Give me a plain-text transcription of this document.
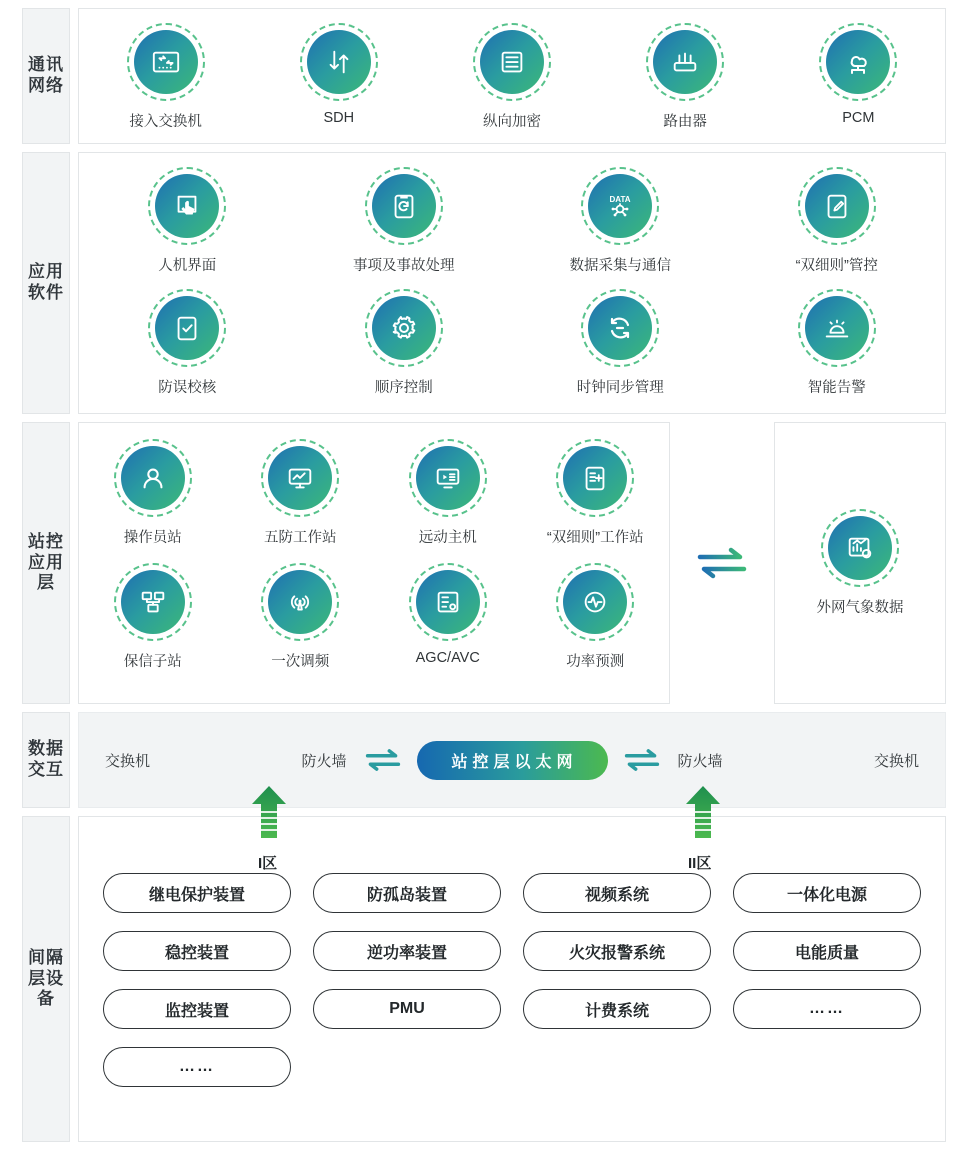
通讯网络
接入交换机	SDH	纵向加密	路由器	PCM
应用软件
人机界面	事项及事故处理
DATA
数据采集与通信	“双细则”管控
防误校核	顺序控制	时钟同步管理	智能告警
站控应用层
操作员站	五防工作站	远动主机	“双细则”工作站
保信子站	一次调频	AGC/AVC	功率预测
外网气象数据
数据交互	交换机	防火墙	站控层以太网	防火墙	交换机
间隔层设备
继电保护装置	防孤岛装置	视频系统	一体化电源
稳控装置	逆功率装置	火灾报警系统	电能质量
监控装置	PMU	计费系统	……
……
I区	II区
